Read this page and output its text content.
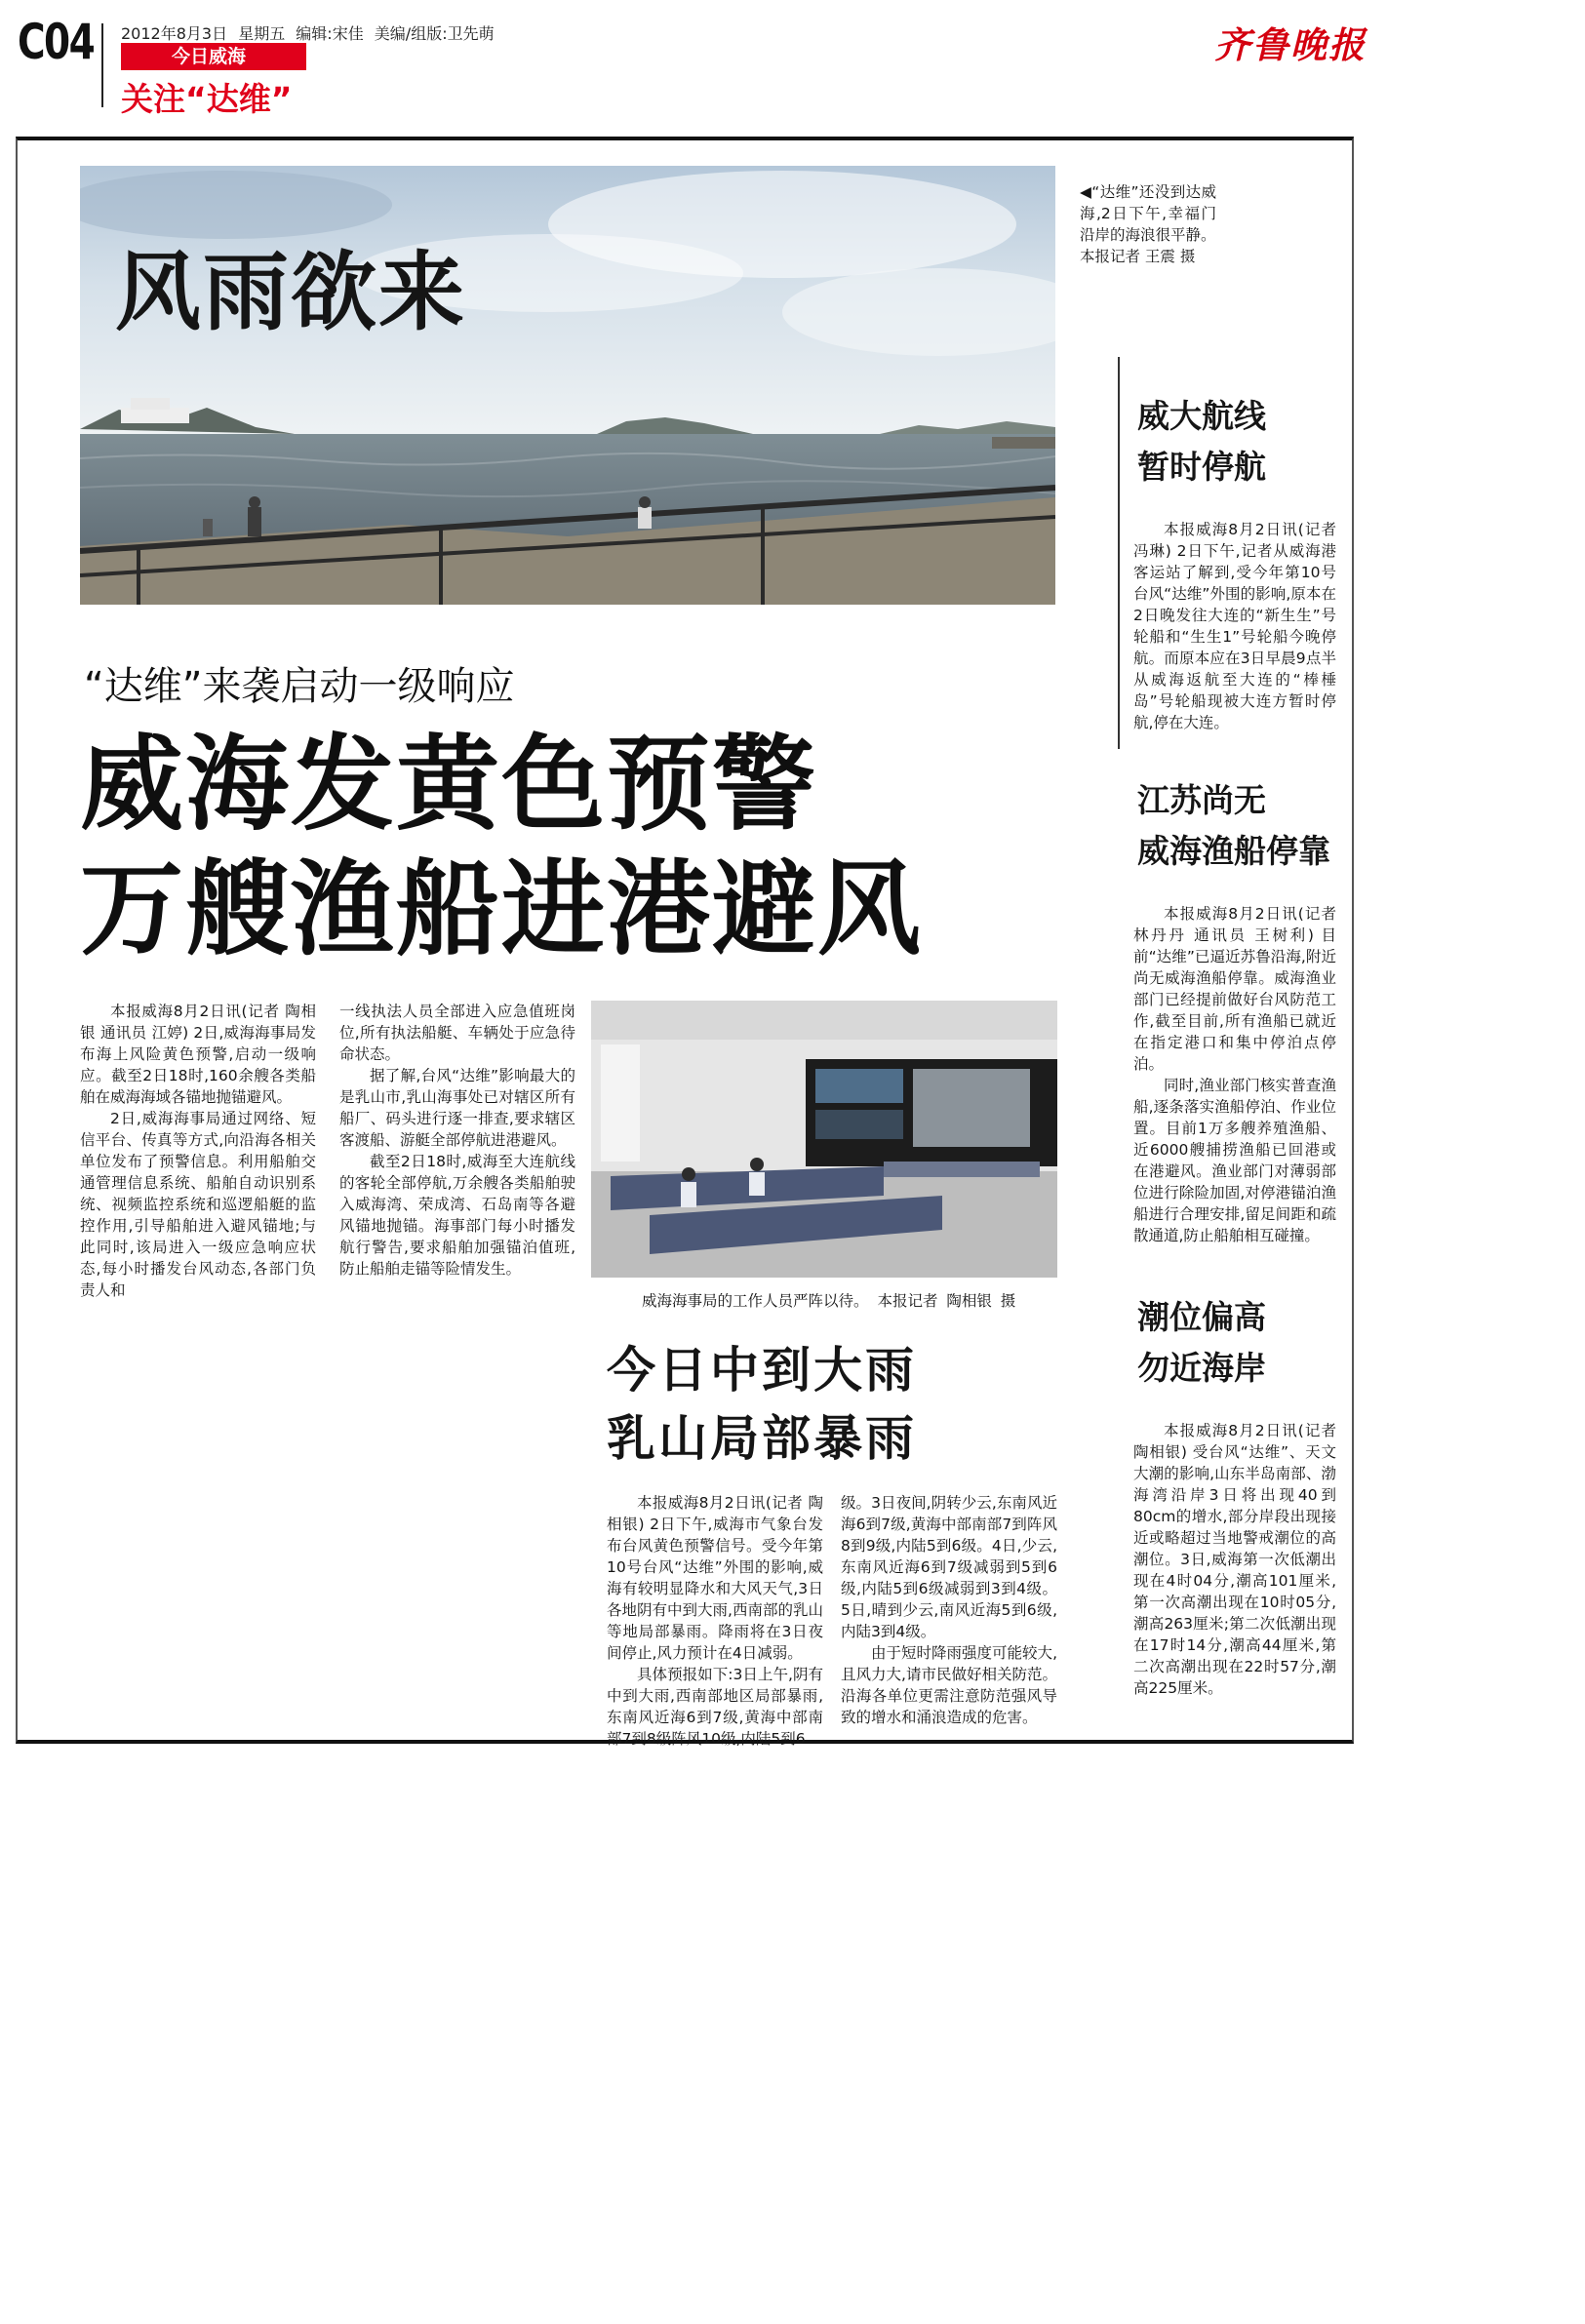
C04 2012年8月3日 星期五 编辑:宋佳 美编/组版:卫先萌
今日威海
关注“达维”
齐鲁晚报
风雨欲来
◀“达维”还没到达威海,2日下午,幸福门沿岸的海浪很平静。
本报记者 王震 摄
“达维”来袭启动一级响应
威海发黄色预警
万艘渔船进港避风

本报威海8月2日讯(记者 陶相银 通讯员 江婷) 2日,威海海事局发布海上风险黄色预警,启动一级响应。截至2日18时,160余艘各类船舶在威海海域各锚地抛锚避风。

2日,威海海事局通过网络、短信平台、传真等方式,向沿海各相关单位发布了预警信息。利用船舶交通管理信息系统、船舶自动识别系统、视频监控系统和巡逻船艇的监控作用,引导船舶进入避风锚地;与此同时,该局进入一级应急响应状态,每小时播发台风动态,各部门负责人和

一线执法人员全部进入应急值班岗位,所有执法船艇、车辆处于应急待命状态。

据了解,台风“达维”影响最大的是乳山市,乳山海事处已对辖区所有船厂、码头进行逐一排查,要求辖区客渡船、游艇全部停航进港避风。

截至2日18时,威海至大连航线的客轮全部停航,万余艘各类船舶驶入威海湾、荣成湾、石岛南等各避风锚地抛锚。海事部门每小时播发航行警告,要求船舶加强锚泊值班,防止船舶走锚等险情发生。

威海海事局的工作人员严阵以待。 本报记者 陶相银 摄
今日中到大雨
乳山局部暴雨

本报威海8月2日讯(记者 陶相银) 2日下午,威海市气象台发布台风黄色预警信号。受今年第10号台风“达维”外围的影响,威海有较明显降水和大风天气,3日各地阴有中到大雨,西南部的乳山等地局部暴雨。降雨将在3日夜间停止,风力预计在4日减弱。

具体预报如下:3日上午,阴有中到大雨,西南部地区局部暴雨,东南风近海6到7级,黄海中部南部7到8级阵风10级,内陆5到6

级。3日夜间,阴转少云,东南风近海6到7级,黄海中部南部7到阵风8到9级,内陆5到6级。4日,少云,东南风近海6到7级减弱到5到6级,内陆5到6级减弱到3到4级。5日,晴到少云,南风近海5到6级,内陆3到4级。

由于短时降雨强度可能较大,且风力大,请市民做好相关防范。沿海各单位更需注意防范强风导致的增水和涌浪造成的危害。

威大航线
暂时停航

本报威海8月2日讯(记者 冯琳) 2日下午,记者从威海港客运站了解到,受今年第10号台风“达维”外围的影响,原本在2日晚发往大连的“新生生”号轮船和“生生1”号轮船今晚停航。而原本应在3日早晨9点半从威海返航至大连的“棒棰岛”号轮船现被大连方暂时停航,停在大连。

江苏尚无
威海渔船停靠

本报威海8月2日讯(记者 林丹丹 通讯员 王树利) 目前“达维”已逼近苏鲁沿海,附近尚无威海渔船停靠。威海渔业部门已经提前做好台风防范工作,截至目前,所有渔船已就近在指定港口和集中停泊点停泊。

同时,渔业部门核实普查渔船,逐条落实渔船停泊、作业位置。目前1万多艘养殖渔船、近6000艘捕捞渔船已回港或在港避风。渔业部门对薄弱部位进行除险加固,对停港锚泊渔船进行合理安排,留足间距和疏散通道,防止船舶相互碰撞。

潮位偏高
勿近海岸

本报威海8月2日讯(记者 陶相银) 受台风“达维”、天文大潮的影响,山东半岛南部、渤海湾沿岸3日将出现40到80cm的增水,部分岸段出现接近或略超过当地警戒潮位的高潮位。3日,威海第一次低潮出现在4时04分,潮高101厘米,第一次高潮出现在10时05分,潮高263厘米;第二次低潮出现在17时14分,潮高44厘米,第二次高潮出现在22时57分,潮高225厘米。
